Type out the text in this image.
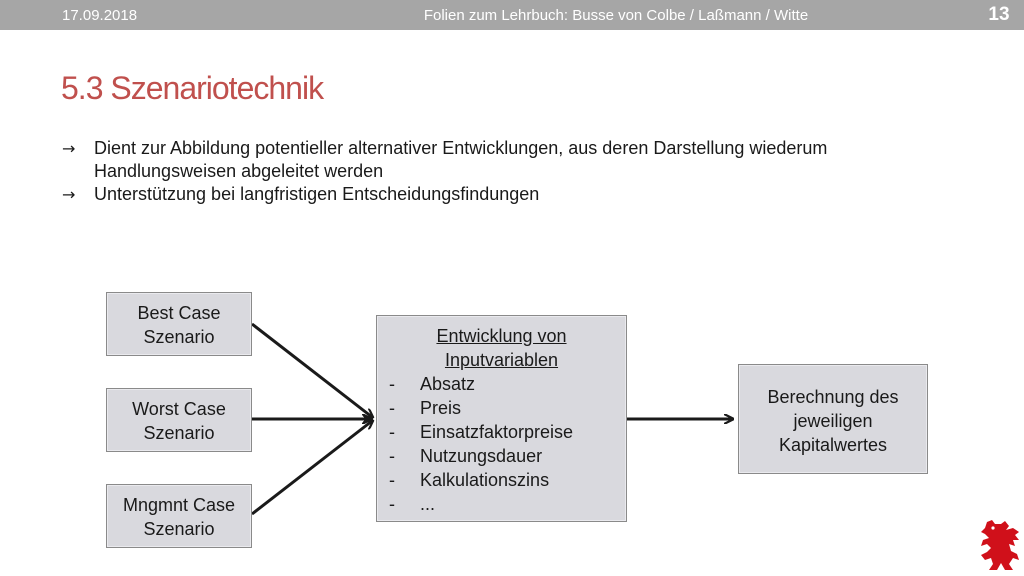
17.09.2018	Folien zum Lehrbuch: Busse von Colbe / Laßmann / Witte	13
5.3 Szenariotechnik
→ Dient zur Abbildung potentieller alternativer Entwicklungen, aus deren Darstellung wiederum Handlungsweisen abgeleitet werden
→ Unterstützung bei langfristigen Entscheidungsfindungen
Best Case
Szenario
Worst Case
Szenario
Mngmnt Case
Szenario
Entwicklung von
Inputvariablen
- Absatz
- Preis
- Einsatzfaktorpreise
- Nutzungsdauer
- Kalkulationszins
- ...
Berechnung des
jeweiligen
Kapitalwertes
